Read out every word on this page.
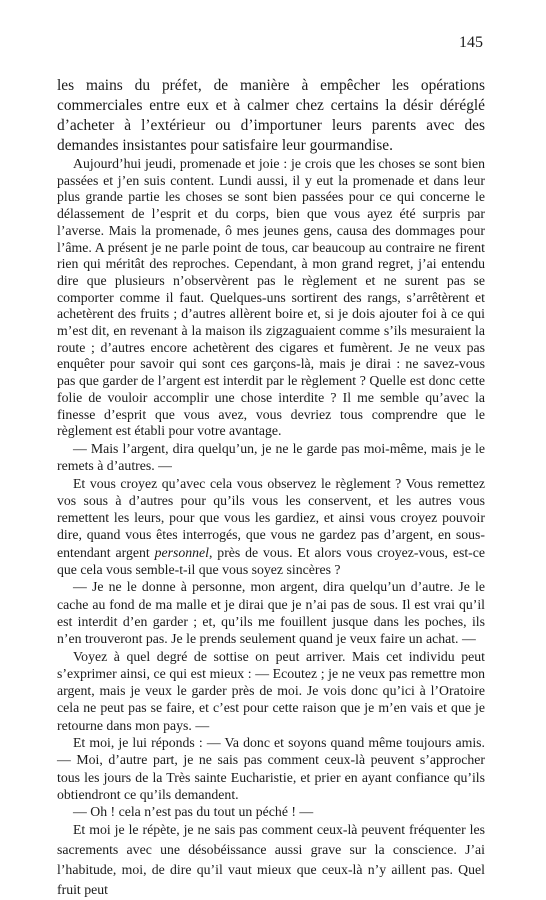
145

les mains du préfet, de manière à empêcher les opérations commerciales entre eux et à calmer chez certains la désir déréglé d’acheter à l’extérieur ou d’importuner leurs parents avec des demandes insistantes pour satisfaire leur gourmandise.

Aujourd’hui jeudi, promenade et joie : je crois que les choses se sont bien passées et j’en suis content. Lundi aussi, il y eut la promenade et dans leur plus grande partie les choses se sont bien passées pour ce qui concerne le délassement de l’esprit et du corps, bien que vous ayez été surpris par l’averse. Mais la promenade, ô mes jeunes gens, causa des dommages pour l’âme. A présent je ne parle point de tous, car beaucoup au contraire ne firent rien qui méritât des reproches. Cependant, à mon grand regret, j’ai entendu dire que plusieurs n’observèrent pas le règlement et ne surent pas se comporter comme il faut. Quelques-uns sortirent des rangs, s’arrêtèrent et achetèrent des fruits ; d’autres allèrent boire et, si je dois ajouter foi à ce qui m’est dit, en revenant à la maison ils zigzaguaient comme s’ils mesuraient la route ; d’autres encore achetèrent des cigares et fumèrent. Je ne veux pas enquêter pour savoir qui sont ces garçons-là, mais je dirai : ne savez-vous pas que garder de l’argent est interdit par le règlement ? Quelle est donc cette folie de vouloir accomplir une chose interdite ? Il me semble qu’avec la finesse d’esprit que vous avez, vous devriez tous comprendre que le règlement est établi pour votre avantage.

— Mais l’argent, dira quelqu’un, je ne le garde pas moi-même, mais je le remets à d’autres. —

Et vous croyez qu’avec cela vous observez le règlement ? Vous remettez vos sous à d’autres pour qu’ils vous les conservent, et les autres vous remettent les leurs, pour que vous les gardiez, et ainsi vous croyez pouvoir dire, quand vous êtes interrogés, que vous ne gardez pas d’argent, en sous-entendant argent personnel, près de vous. Et alors vous croyez-vous, est-ce que cela vous semble-t-il que vous soyez sincères ?

— Je ne le donne à personne, mon argent, dira quelqu’un d’autre. Je le cache au fond de ma malle et je dirai que je n’ai pas de sous. Il est vrai qu’il est interdit d’en garder ; et, qu’ils me fouillent jusque dans les poches, ils n’en trouveront pas. Je le prends seulement quand je veux faire un achat. —

Voyez à quel degré de sottise on peut arriver. Mais cet individu peut s’exprimer ainsi, ce qui est mieux : — Ecoutez ; je ne veux pas remettre mon argent, mais je veux le garder près de moi. Je vois donc qu’ici à l’Oratoire cela ne peut pas se faire, et c’est pour cette raison que je m’en vais et que je retourne dans mon pays. —

Et moi, je lui réponds : — Va donc et soyons quand même toujours amis. — Moi, d’autre part, je ne sais pas comment ceux-là peuvent s’approcher tous les jours de la Très sainte Eucharistie, et prier en ayant confiance qu’ils obtiendront ce qu’ils demandent.

— Oh ! cela n’est pas du tout un péché ! —

Et moi je le répète, je ne sais pas comment ceux-là peuvent fréquenter les sacrements avec une désobéissance aussi grave sur la conscience. J’ai l’habitude, moi, de dire qu’il vaut mieux que ceux-là n’y aillent pas. Quel fruit peut
